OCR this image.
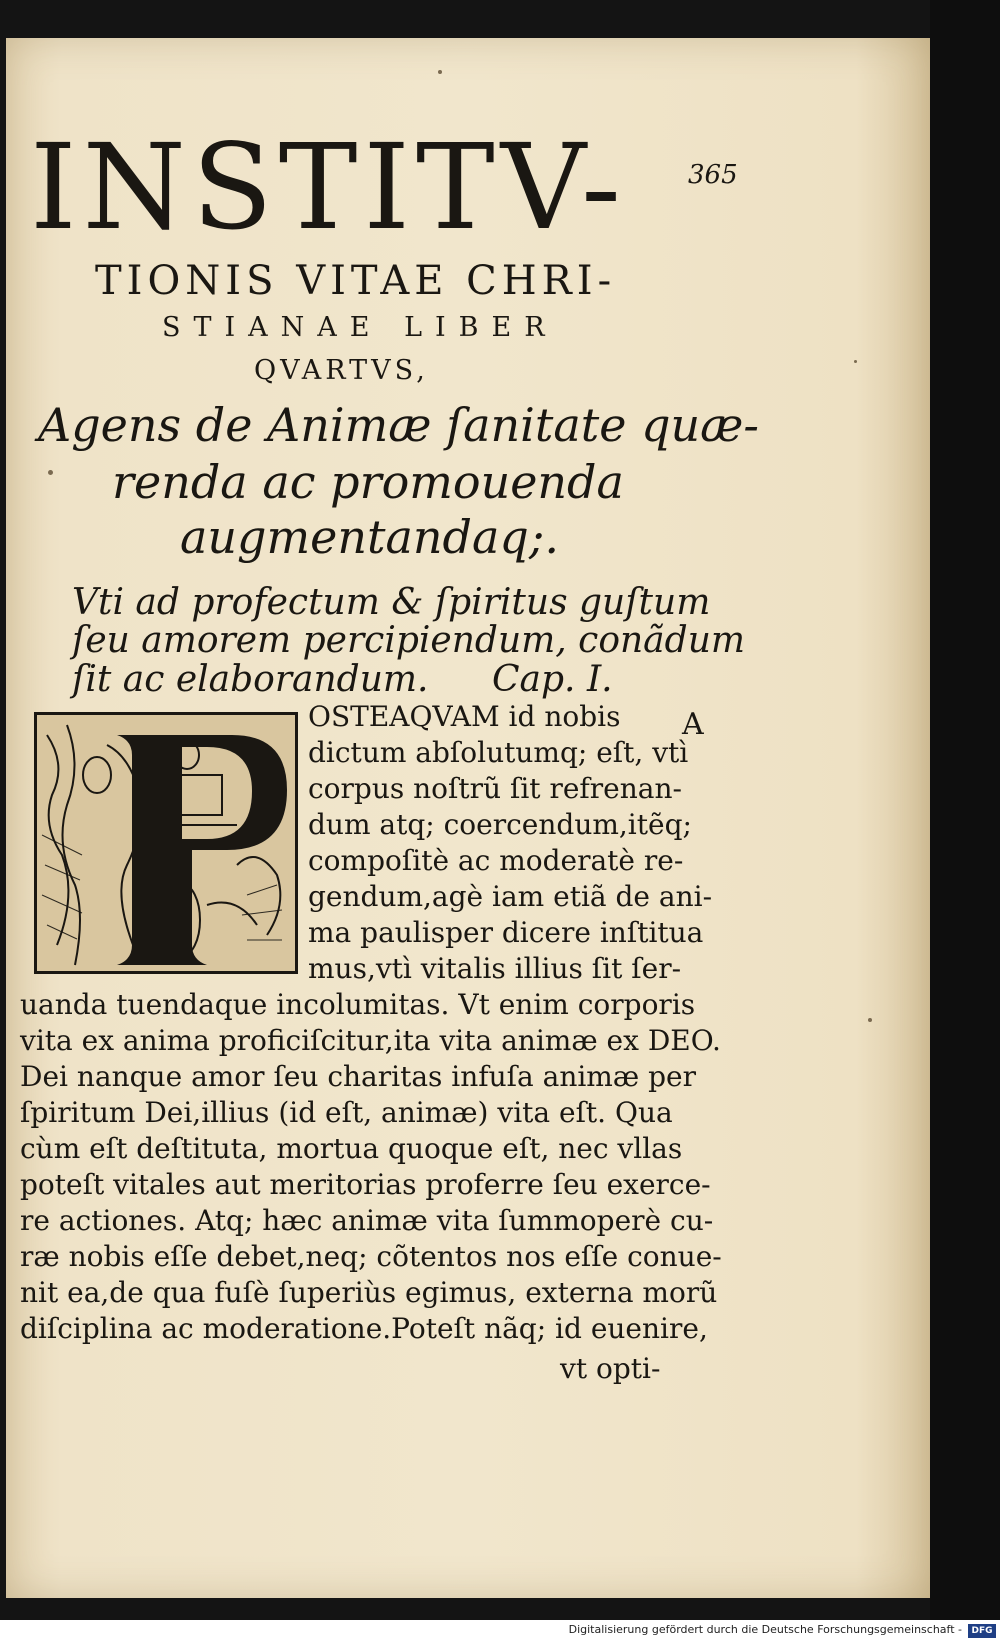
INSTITV- 365
TIONIS VITAE CHRI-
STIANAE LIBER
QVARTVS,
Agens de Animæ ſanitate quæ-
renda ac promouenda
augmentandaq;.
Vti ad profectum & ſpiritus guſtum
ſeu amorem percipiendum, conãdum
ſit ac elaborandum. Cap. I.
OSTEAQVAM id nobis A
dictum abſolutumq; eſt, vtì
corpus noſtrũ ſit refrenan-
dum atq; coercendum,itẽq;
compoſitè ac moderatè re-
gendum,agè iam etiã de ani-
ma paulisper dicere inſtitua
mus,vtì vitalis illius ſit ſer-
uanda tuendaque incolumitas. Vt enim corporis
vita ex anima proficiſcitur,ita vita animæ ex DEO.
Dei nanque amor ſeu charitas infuſa animæ per
ſpiritum Dei,illius (id eſt, animæ) vita eſt. Qua
cùm eſt deſtituta, mortua quoque eſt, nec vllas
poteſt vitales aut meritorias proferre ſeu exerce-
re actiones. Atq; hæc animæ vita ſummoperè cu-
ræ nobis eſſe debet,neq; cõtentos nos eſſe conue-
nit ea,de qua fuſè ſuperiùs egimus, externa morũ
diſciplina ac moderatione.Poteſt nãq; id euenire,
vt opti-
Digitalisierung gefördert durch die Deutsche Forschungsgemeinschaft -	DFG
